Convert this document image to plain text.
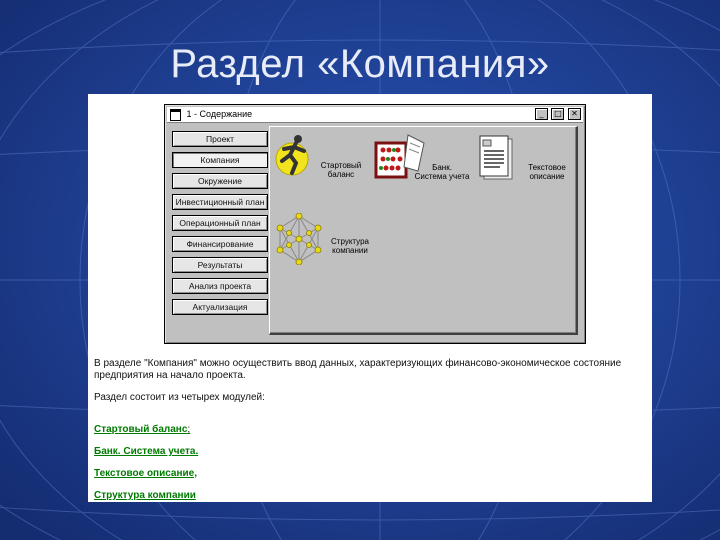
Раздел «Компания»
1 - Содержание	_ □ ✕
Проект
Компания
Окружение
Инвестиционный план
Операционный план
Финансирование
Результаты
Анализ проекта
Актуализация
Стартовый
баланс
Банк.
Система учета
Текстовое
описание
Структура
компании

В разделе "Компания" можно осуществить ввод данных, характеризующих финансово-экономическое состояние предприятия на начало проекта.

Раздел состоит из четырех модулей:

Стартовый баланс;
Банк. Система учета.
Текстовое описание,
Структура компании
